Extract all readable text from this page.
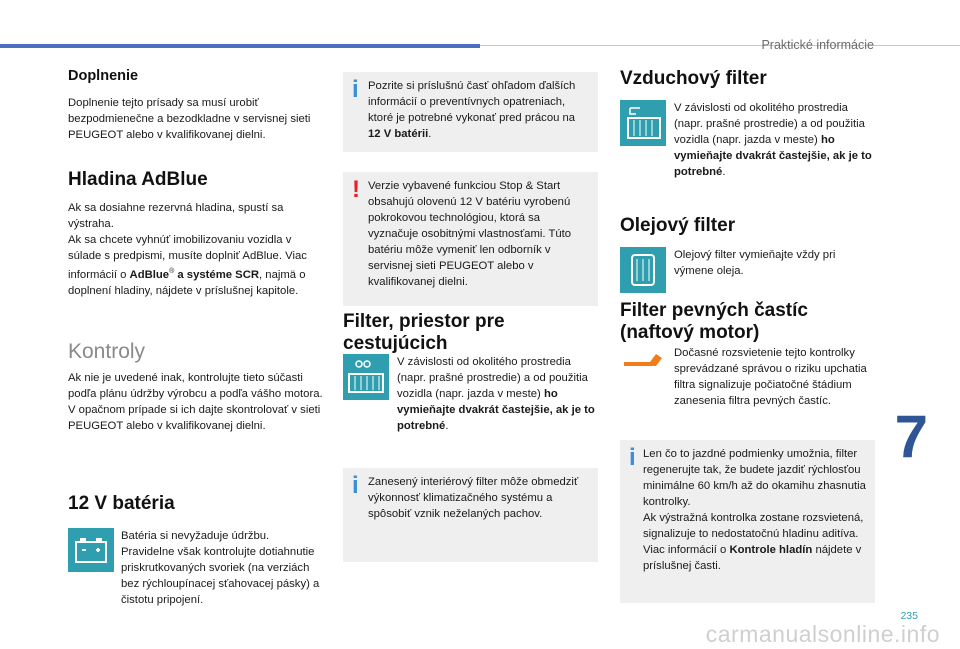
Praktické informácie
Doplnenie
Doplnenie tejto prísady sa musí urobiť bezpodmienečne a bezodkladne v servisnej sieti PEUGEOT alebo v kvalifikovanej dielni.
Hladina AdBlue
Ak sa dosiahne rezervná hladina, spustí sa výstraha.
Ak sa chcete vyhnúť imobilizovaniu vozidla v súlade s predpismi, musíte doplniť AdBlue. Viac informácií o AdBlue® a systéme SCR, najmä o doplnení hladiny, nájdete v príslušnej kapitole.
Kontroly
Ak nie je uvedené inak, kontrolujte tieto súčasti podľa plánu údržby výrobcu a podľa vášho motora.
V opačnom prípade si ich dajte skontrolovať v sieti PEUGEOT alebo v kvalifikovanej dielni.
12 V batéria
Batéria si nevyžaduje údržbu. Pravidelne však kontrolujte dotiahnutie priskrutkovaných svoriek (na verziách bez rýchloupínacej sťahovacej pásky) a čistotu pripojení.
i Pozrite si príslušnú časť ohľadom ďalších informácií o preventívnych opatreniach, ktoré je potrebné vykonať pred prácou na 12 V batérii.
! Verzie vybavené funkciou Stop & Start obsahujú olovenú 12 V batériu vyrobenú pokrokovou technológiou, ktorá sa vyznačuje osobitnými vlastnosťami. Túto batériu môže vymeniť len odborník v servisnej sieti PEUGEOT alebo v kvalifikovanej dielni.
Filter, priestor pre
cestujúcich
V závislosti od okolitého prostredia (napr. prašné prostredie) a od použitia vozidla (napr. jazda v meste) ho vymieňajte dvakrát častejšie, ak je to potrebné.
i Zanesený interiérový filter môže obmedziť výkonnosť klimatizačného systému a spôsobiť vznik neželaných pachov.
Vzduchový filter
V závislosti od okolitého prostredia (napr. prašné prostredie) a od použitia vozidla (napr. jazda v meste) ho vymieňajte dvakrát častejšie, ak je to potrebné.
Olejový filter
Olejový filter vymieňajte vždy pri výmene oleja.
Filter pevných častíc
(naftový motor)
Dočasné rozsvietenie tejto kontrolky sprevádzané správou o riziku upchatia filtra signalizuje počiatočné štádium zanesenia filtra pevných častíc.
i Len čo to jazdné podmienky umožnia, filter regenerujte tak, že budete jazdiť rýchlosťou minimálne 60 km/h až do okamihu zhasnutia kontrolky.
Ak výstražná kontrolka zostane rozsvietená, signalizuje to nedostatočnú hladinu aditíva.
Viac informácií o Kontrole hladín nájdete v príslušnej časti.
7
235
carmanualsonline.info
